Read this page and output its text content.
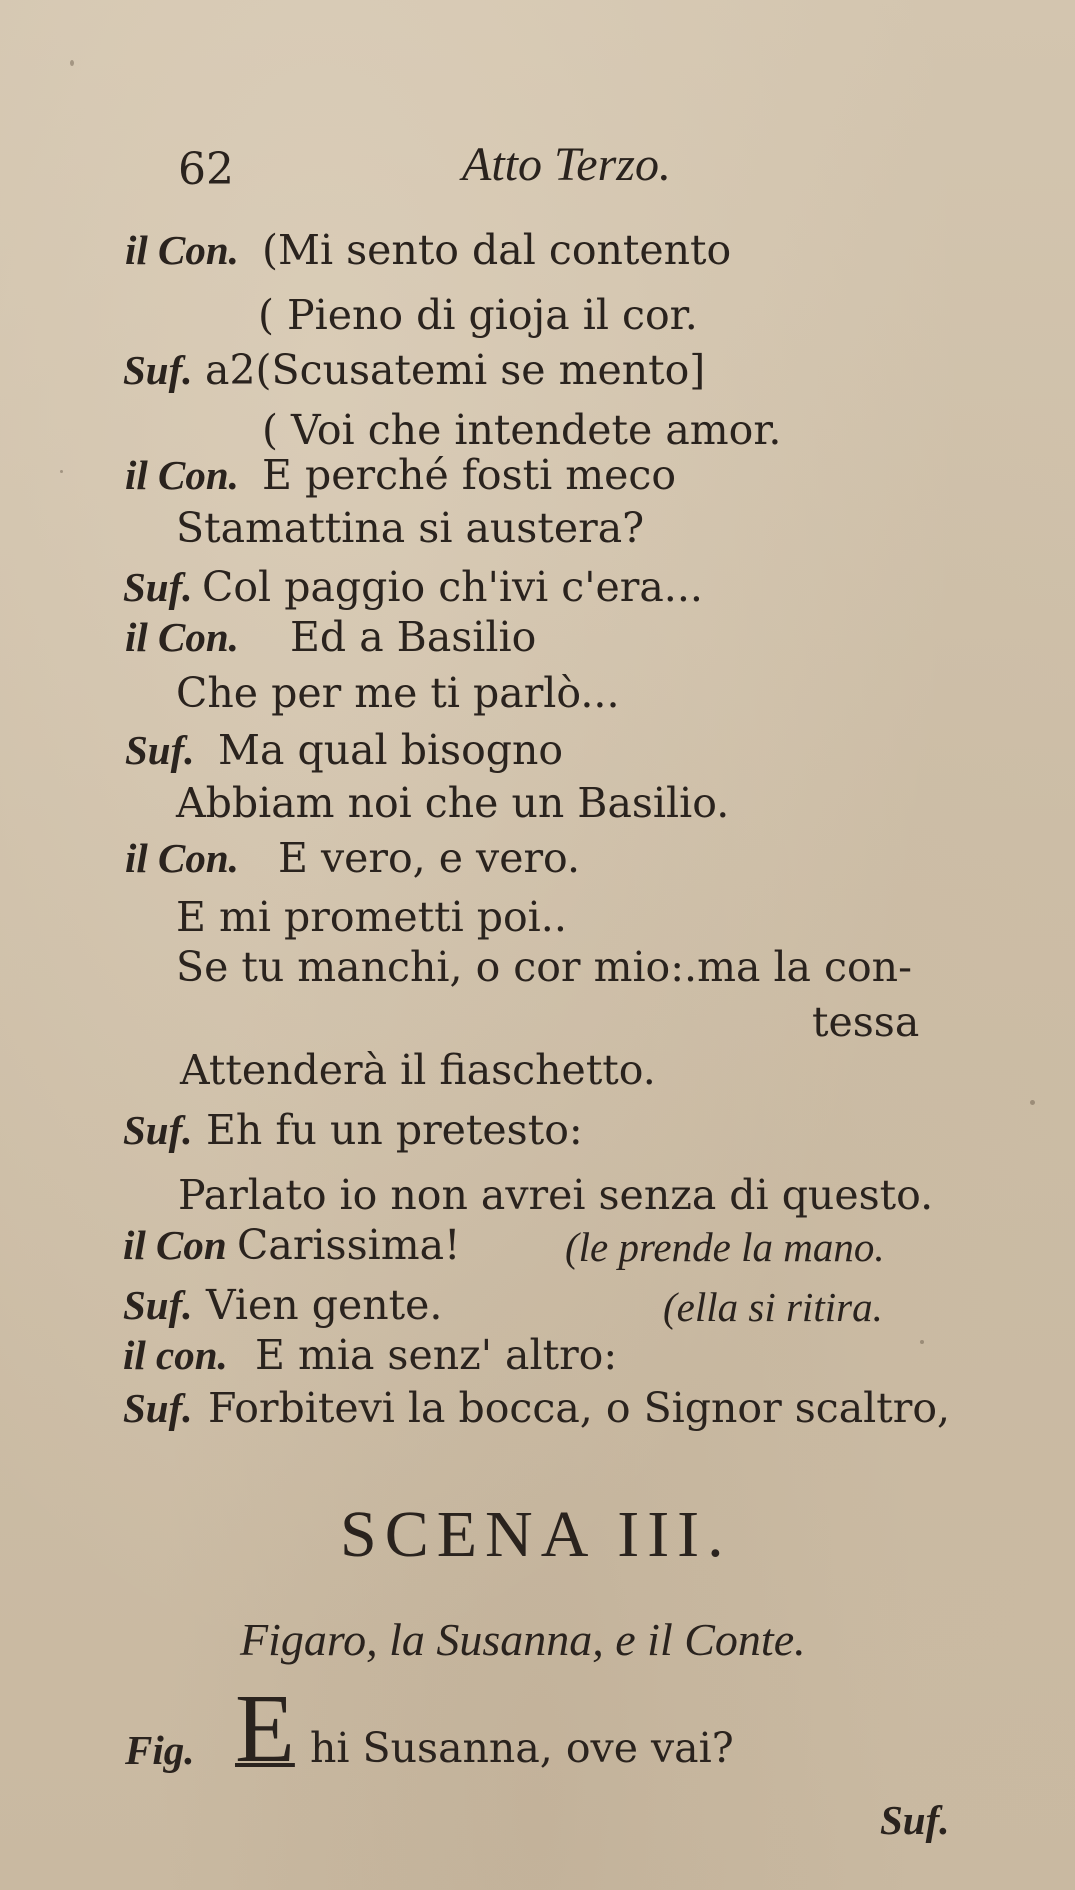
62	Atto Terzo.
il Con. (Mi sento dal contento
( Pieno di gioja il cor.
Suf. a2(Scusatemi se mento]
( Voi che intendete amor.
il Con. E perché fosti meco
Stamattina si austera?
Suf. Col paggio ch'ivi c'era...
il Con. Ed a Basilio
Che per me ti parlò...
Suf. Ma qual bisogno
Abbiam noi che un Basilio.
il Con. E vero, e vero.
E mi prometti poi..
Se tu manchi, o cor mio:.ma la con-
tessa
Attenderà il fiaschetto.
Suf. Eh fu un pretesto:
Parlato io non avrei senza di questo.
il Con Carissima!	(le prende la mano.
Suf. Vien gente.	(ella si ritira.
il con. E mia senz' altro:
Suf. Forbitevi la bocca, o Signor scaltro,
SCENA III.
Figaro, la Susanna, e il Conte.
Fig. E hi Susanna, ove vai?
Suf.
